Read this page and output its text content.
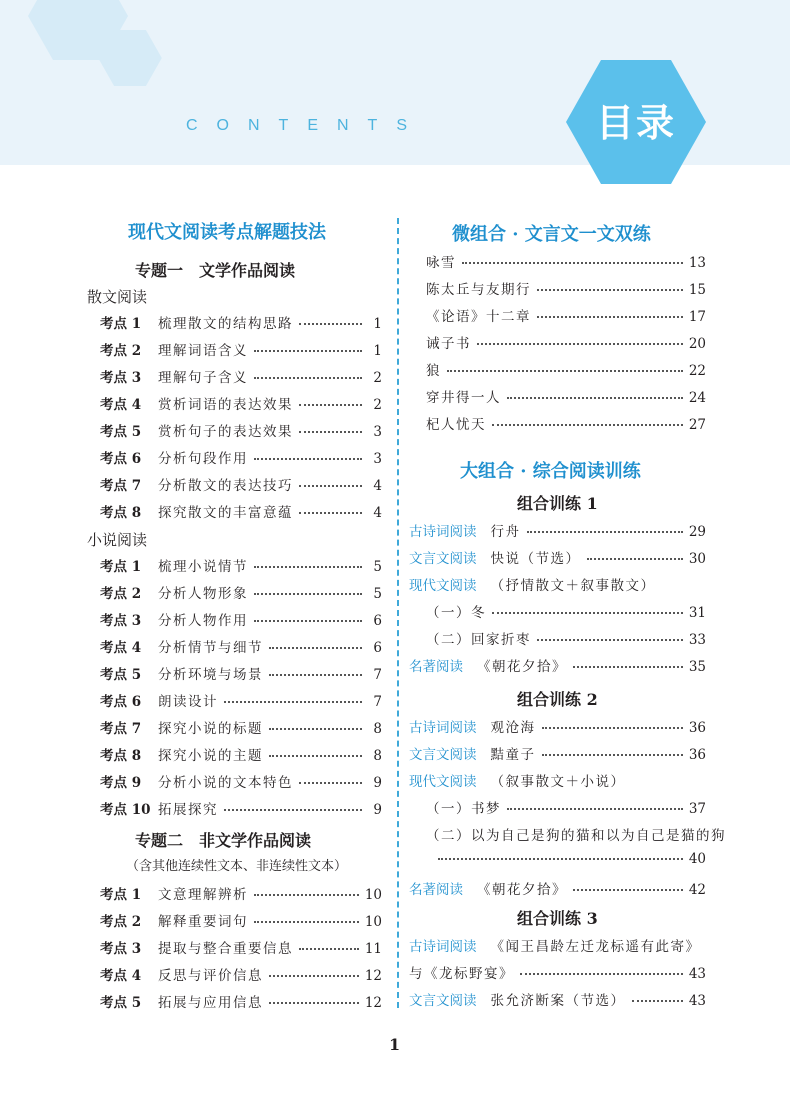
CONTENTS	目录
现代文阅读考点解题技法
专题一　文学作品阅读
散文阅读
考点 1	梳理散文的结构思路	1
考点 2	理解词语含义	1
考点 3	理解句子含义	2
考点 4	赏析词语的表达效果	2
考点 5	赏析句子的表达效果	3
考点 6	分析句段作用	3
考点 7	分析散文的表达技巧	4
考点 8	探究散文的丰富意蕴	4
小说阅读
考点 1	梳理小说情节	5
考点 2	分析人物形象	5
考点 3	分析人物作用	6
考点 4	分析情节与细节	6
考点 5	分析环境与场景	7
考点 6	朗读设计	7
考点 7	探究小说的标题	8
考点 8	探究小说的主题	8
考点 9	分析小说的文本特色	9
考点 10 拓展探究	9
专题二　非文学作品阅读
（含其他连续性文本、非连续性文本）
考点 1	文意理解辨析	10
考点 2	解释重要词句	10
考点 3	提取与整合重要信息	11
考点 4	反思与评价信息	12
考点 5	拓展与应用信息	12
微组合 · 文言文一文双练
咏雪	13
陈太丘与友期行	15
《论语》十二章	17
诫子书	20
狼	22
穿井得一人	24
杞人忧天	27
大组合 · 综合阅读训练
组合训练 1
古诗词阅读 行舟	29
文言文阅读 快说（节选）	30
现代文阅读 （抒情散文＋叙事散文）
（一）冬	31
（二）回家折枣	33
名著阅读 《朝花夕拾》	35
组合训练 2
古诗词阅读 观沧海	36
文言文阅读 黠童子	36
现代文阅读 （叙事散文＋小说）
（一）书梦	37
（二）以为自己是狗的猫和以为自己是猫的狗
40
名著阅读 《朝花夕拾》	42
组合训练 3
古诗词阅读 《闻王昌龄左迁龙标遥有此寄》
与《龙标野宴》	43
文言文阅读 张允济断案（节选）	43
1
